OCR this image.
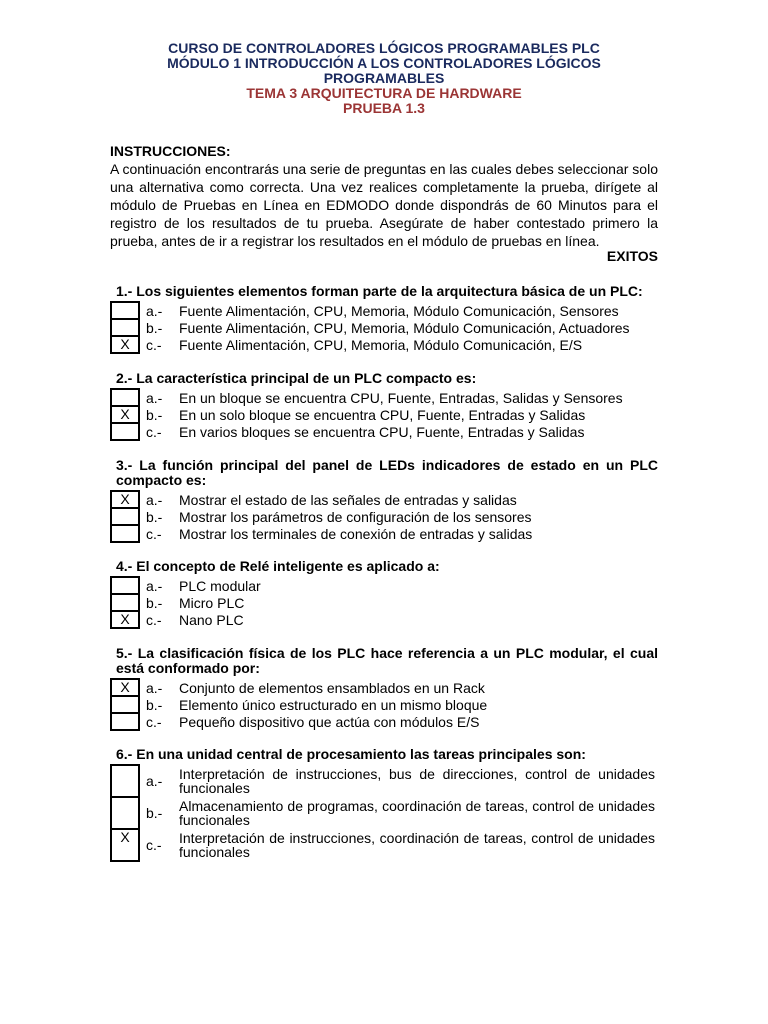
CURSO DE CONTROLADORES LÓGICOS PROGRAMABLES PLC
MÓDULO 1 INTRODUCCIÓN A LOS CONTROLADORES LÓGICOS
PROGRAMABLES
TEMA 3 ARQUITECTURA DE HARDWARE
PRUEBA 1.3
INSTRUCCIONES:
A continuación encontrarás una serie de preguntas en las cuales debes seleccionar solo una alternativa como correcta. Una vez realices completamente la prueba, dirígete al módulo de Pruebas en Línea en EDMODO donde dispondrás de 60 Minutos para el registro de los resultados de tu prueba. Asegúrate de haber contestado primero la prueba, antes de ir a registrar los resultados en el módulo de pruebas en línea.
EXITOS
1.- Los siguientes elementos forman parte de la arquitectura básica de un PLC:
	a.-	Fuente Alimentación, CPU, Memoria, Módulo Comunicación, Sensores
	b.-	Fuente Alimentación, CPU, Memoria, Módulo Comunicación, Actuadores
X	c.-	Fuente Alimentación, CPU, Memoria, Módulo Comunicación, E/S
2.- La característica principal de un PLC compacto es:
	a.-	En un bloque se encuentra CPU, Fuente, Entradas, Salidas y Sensores
X	b.-	En un solo bloque se encuentra CPU, Fuente, Entradas y Salidas
	c.-	En varios bloques se encuentra CPU, Fuente, Entradas y Salidas
3.- La función principal del panel de LEDs indicadores de estado en un PLC compacto es:
X	a.-	Mostrar el estado de las señales de entradas y salidas
	b.-	Mostrar los parámetros de configuración de los sensores
	c.-	Mostrar los terminales de conexión de entradas y salidas
4.- El concepto de Relé inteligente es aplicado a:
	a.-	PLC modular
	b.-	Micro PLC
X	c.-	Nano PLC
5.- La clasificación física de los PLC hace referencia a un PLC modular, el cual está conformado por:
X	a.-	Conjunto de elementos ensamblados en un Rack
	b.-	Elemento único estructurado en un mismo bloque
	c.-	Pequeño dispositivo que actúa con módulos E/S
6.- En una unidad central de procesamiento las tareas principales son:
	a.-	Interpretación de instrucciones, bus de direcciones, control de unidades funcionales
	b.-	Almacenamiento de programas, coordinación de tareas, control de unidades funcionales
X	c.-	Interpretación de instrucciones, coordinación de tareas, control de unidades funcionales
